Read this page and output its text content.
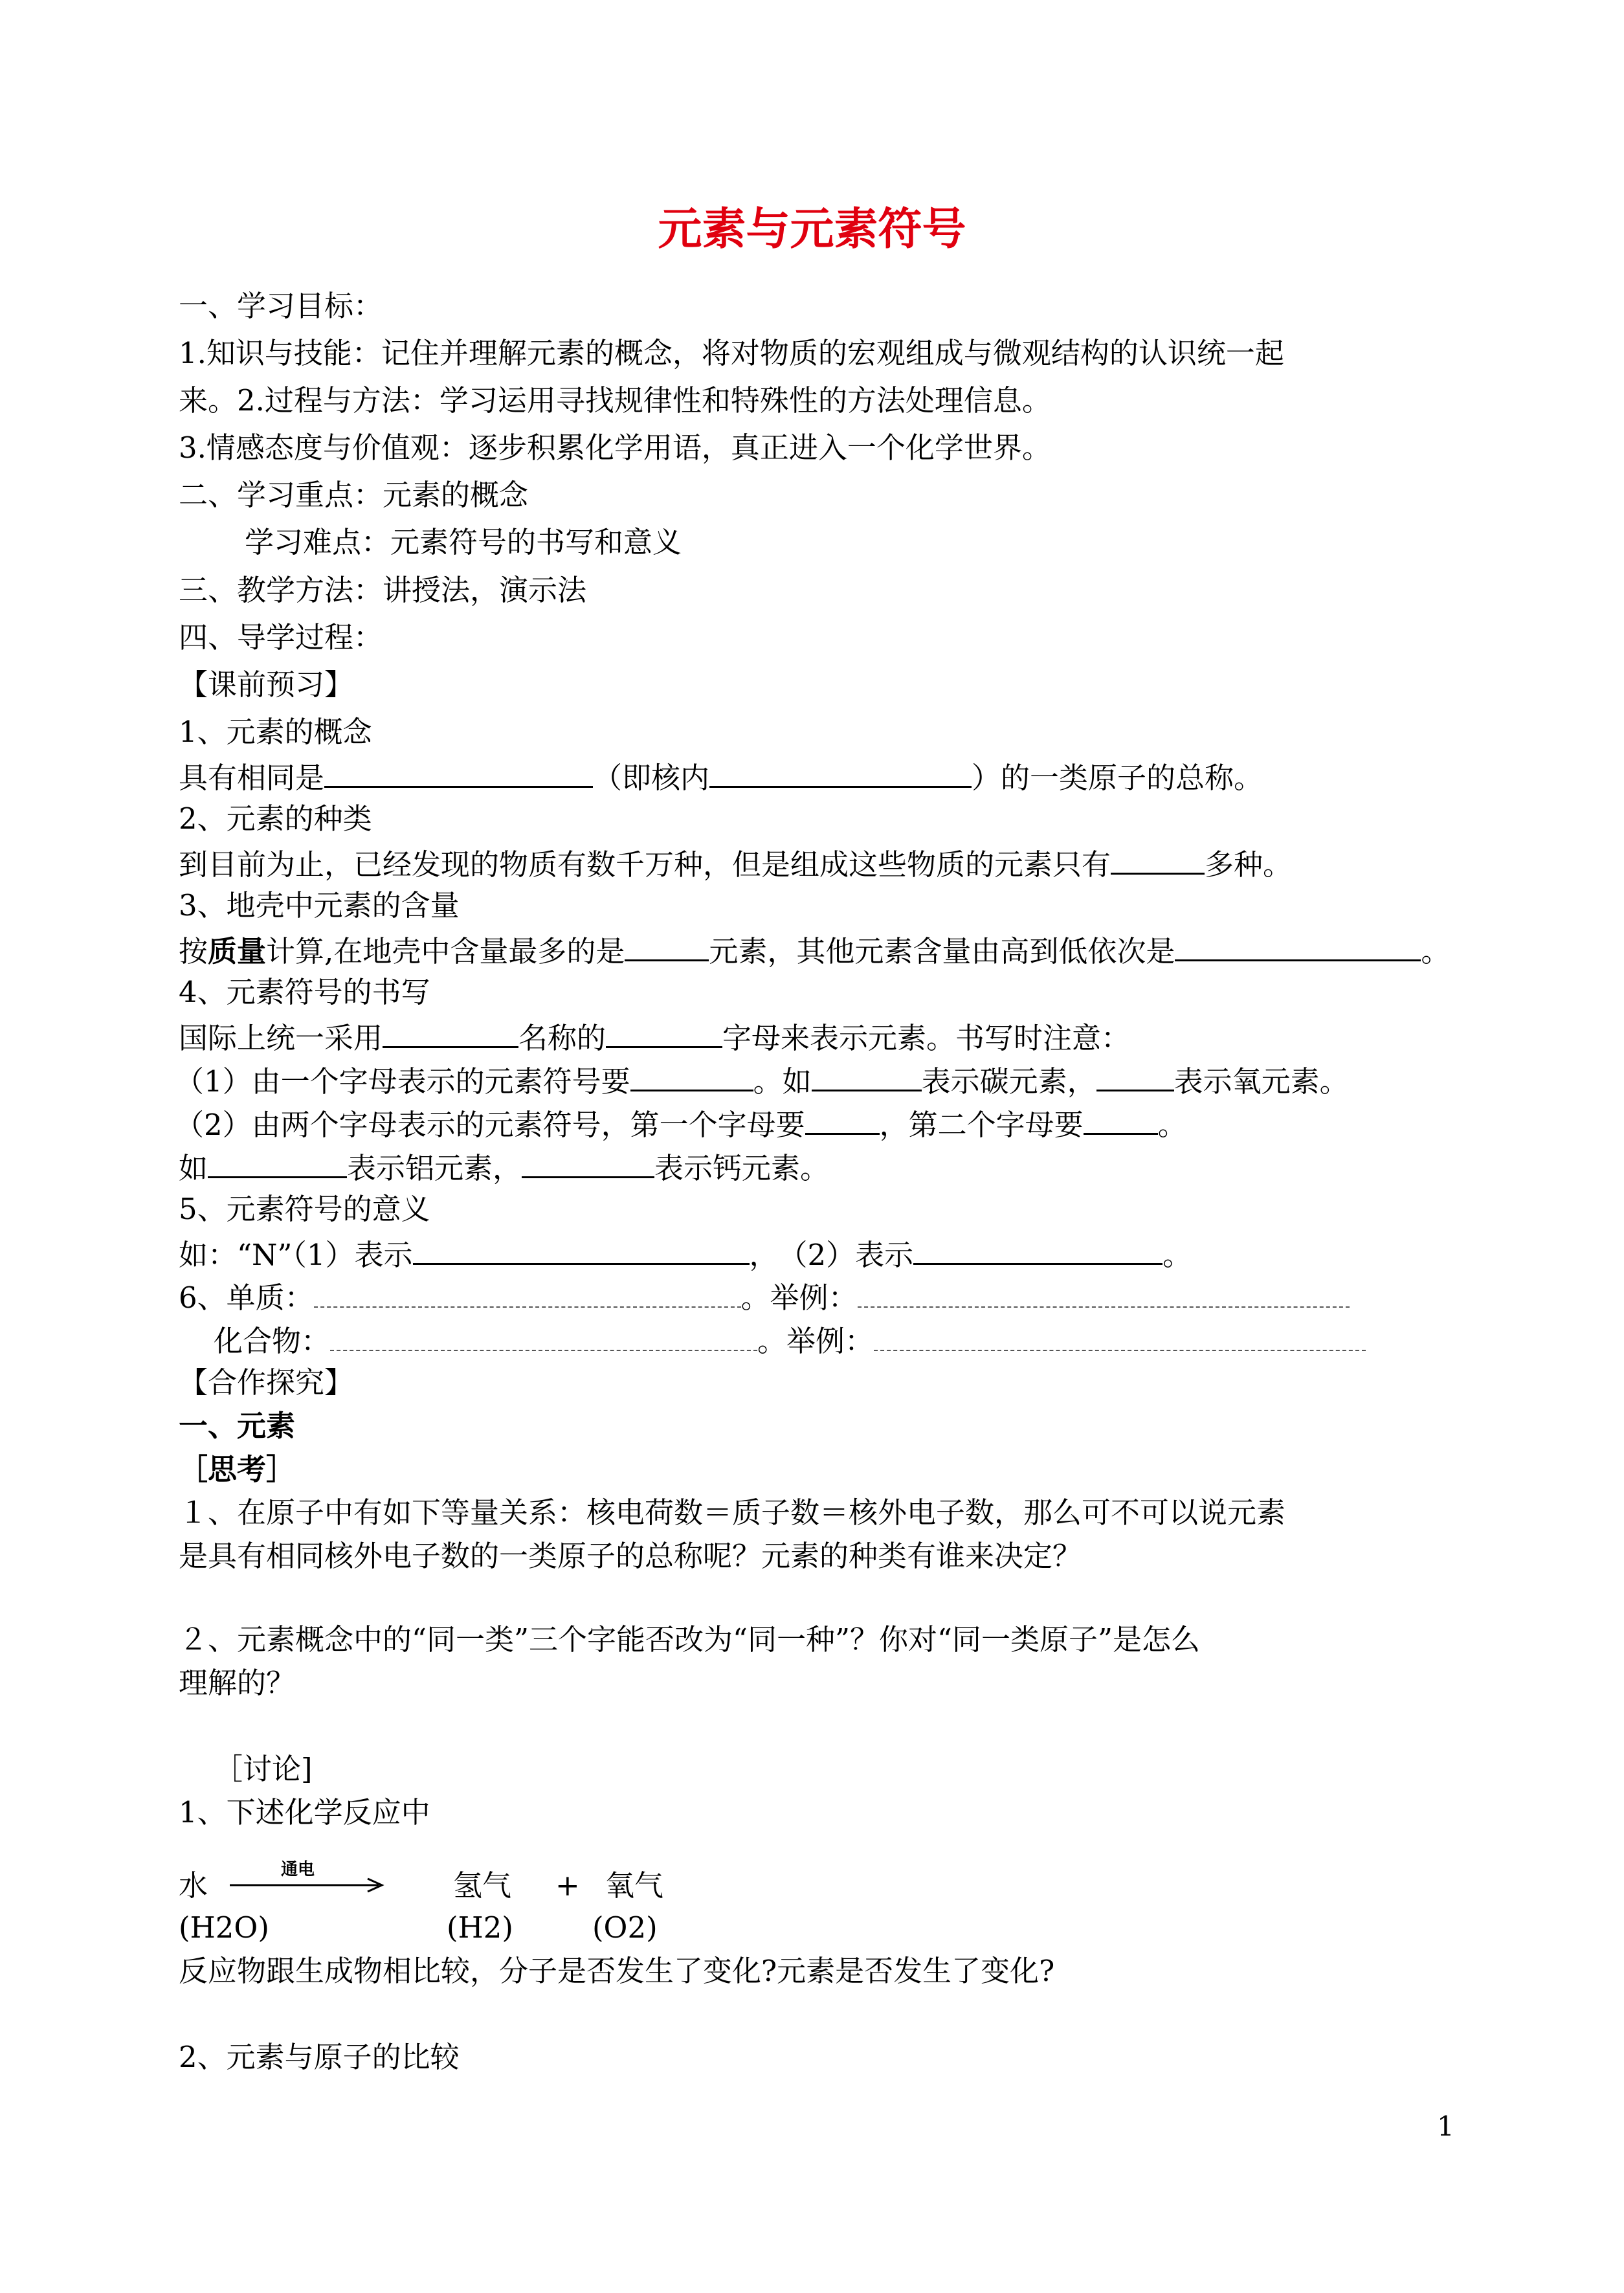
元素与元素符号
一、学习目标：
1.知识与技能：记住并理解元素的概念，将对物质的宏观组成与微观结构的认识统一起
来。2.过程与方法：学习运用寻找规律性和特殊性的方法处理信息。
3.情感态度与价值观：逐步积累化学用语，真正进入一个化学世界。
二、学习重点：元素的概念
学习难点：元素符号的书写和意义
三、教学方法：讲授法，演示法
四、导学过程：
【课前预习】
1、元素的概念
具有相同是	（即核内	）的一类原子的总称。
2、元素的种类
到目前为止，已经发现的物质有数千万种，但是组成这些物质的元素只有	多种。
3、地壳中元素的含量
按质量计算,在地壳中含量最多的是	元素，其他元素含量由高到低依次是	。
4、元素符号的书写
国际上统一采用	名称的	字母来表示元素。书写时注意：
（1）由一个字母表示的元素符号要	。如	表示碳元素，	表示氧元素。
（2）由两个字母表示的元素符号，第一个字母要	，第二个字母要	。
如	表示铝元素，	表示钙元素。
5、元素符号的意义
如：“N”（1）表示	，　（2）表示	。
6、单质：	。举例：
化合物：	。举例：
【合作探究】
一、元素
［思考］
１、在原子中有如下等量关系：核电荷数＝质子数＝核外电子数，那么可不可以说元素
是具有相同核外电子数的一类原子的总称呢？元素的种类有谁来决定？
２、元素概念中的“同一类”三个字能否改为“同一种”？你对“同一类原子”是怎么
理解的？
［讨论]
1、下述化学反应中
水	通电	氢气 + 氧气
(H2O)	(H2)	(O2)
反应物跟生成物相比较，分子是否发生了变化?元素是否发生了变化?
2、元素与原子的比较
1
